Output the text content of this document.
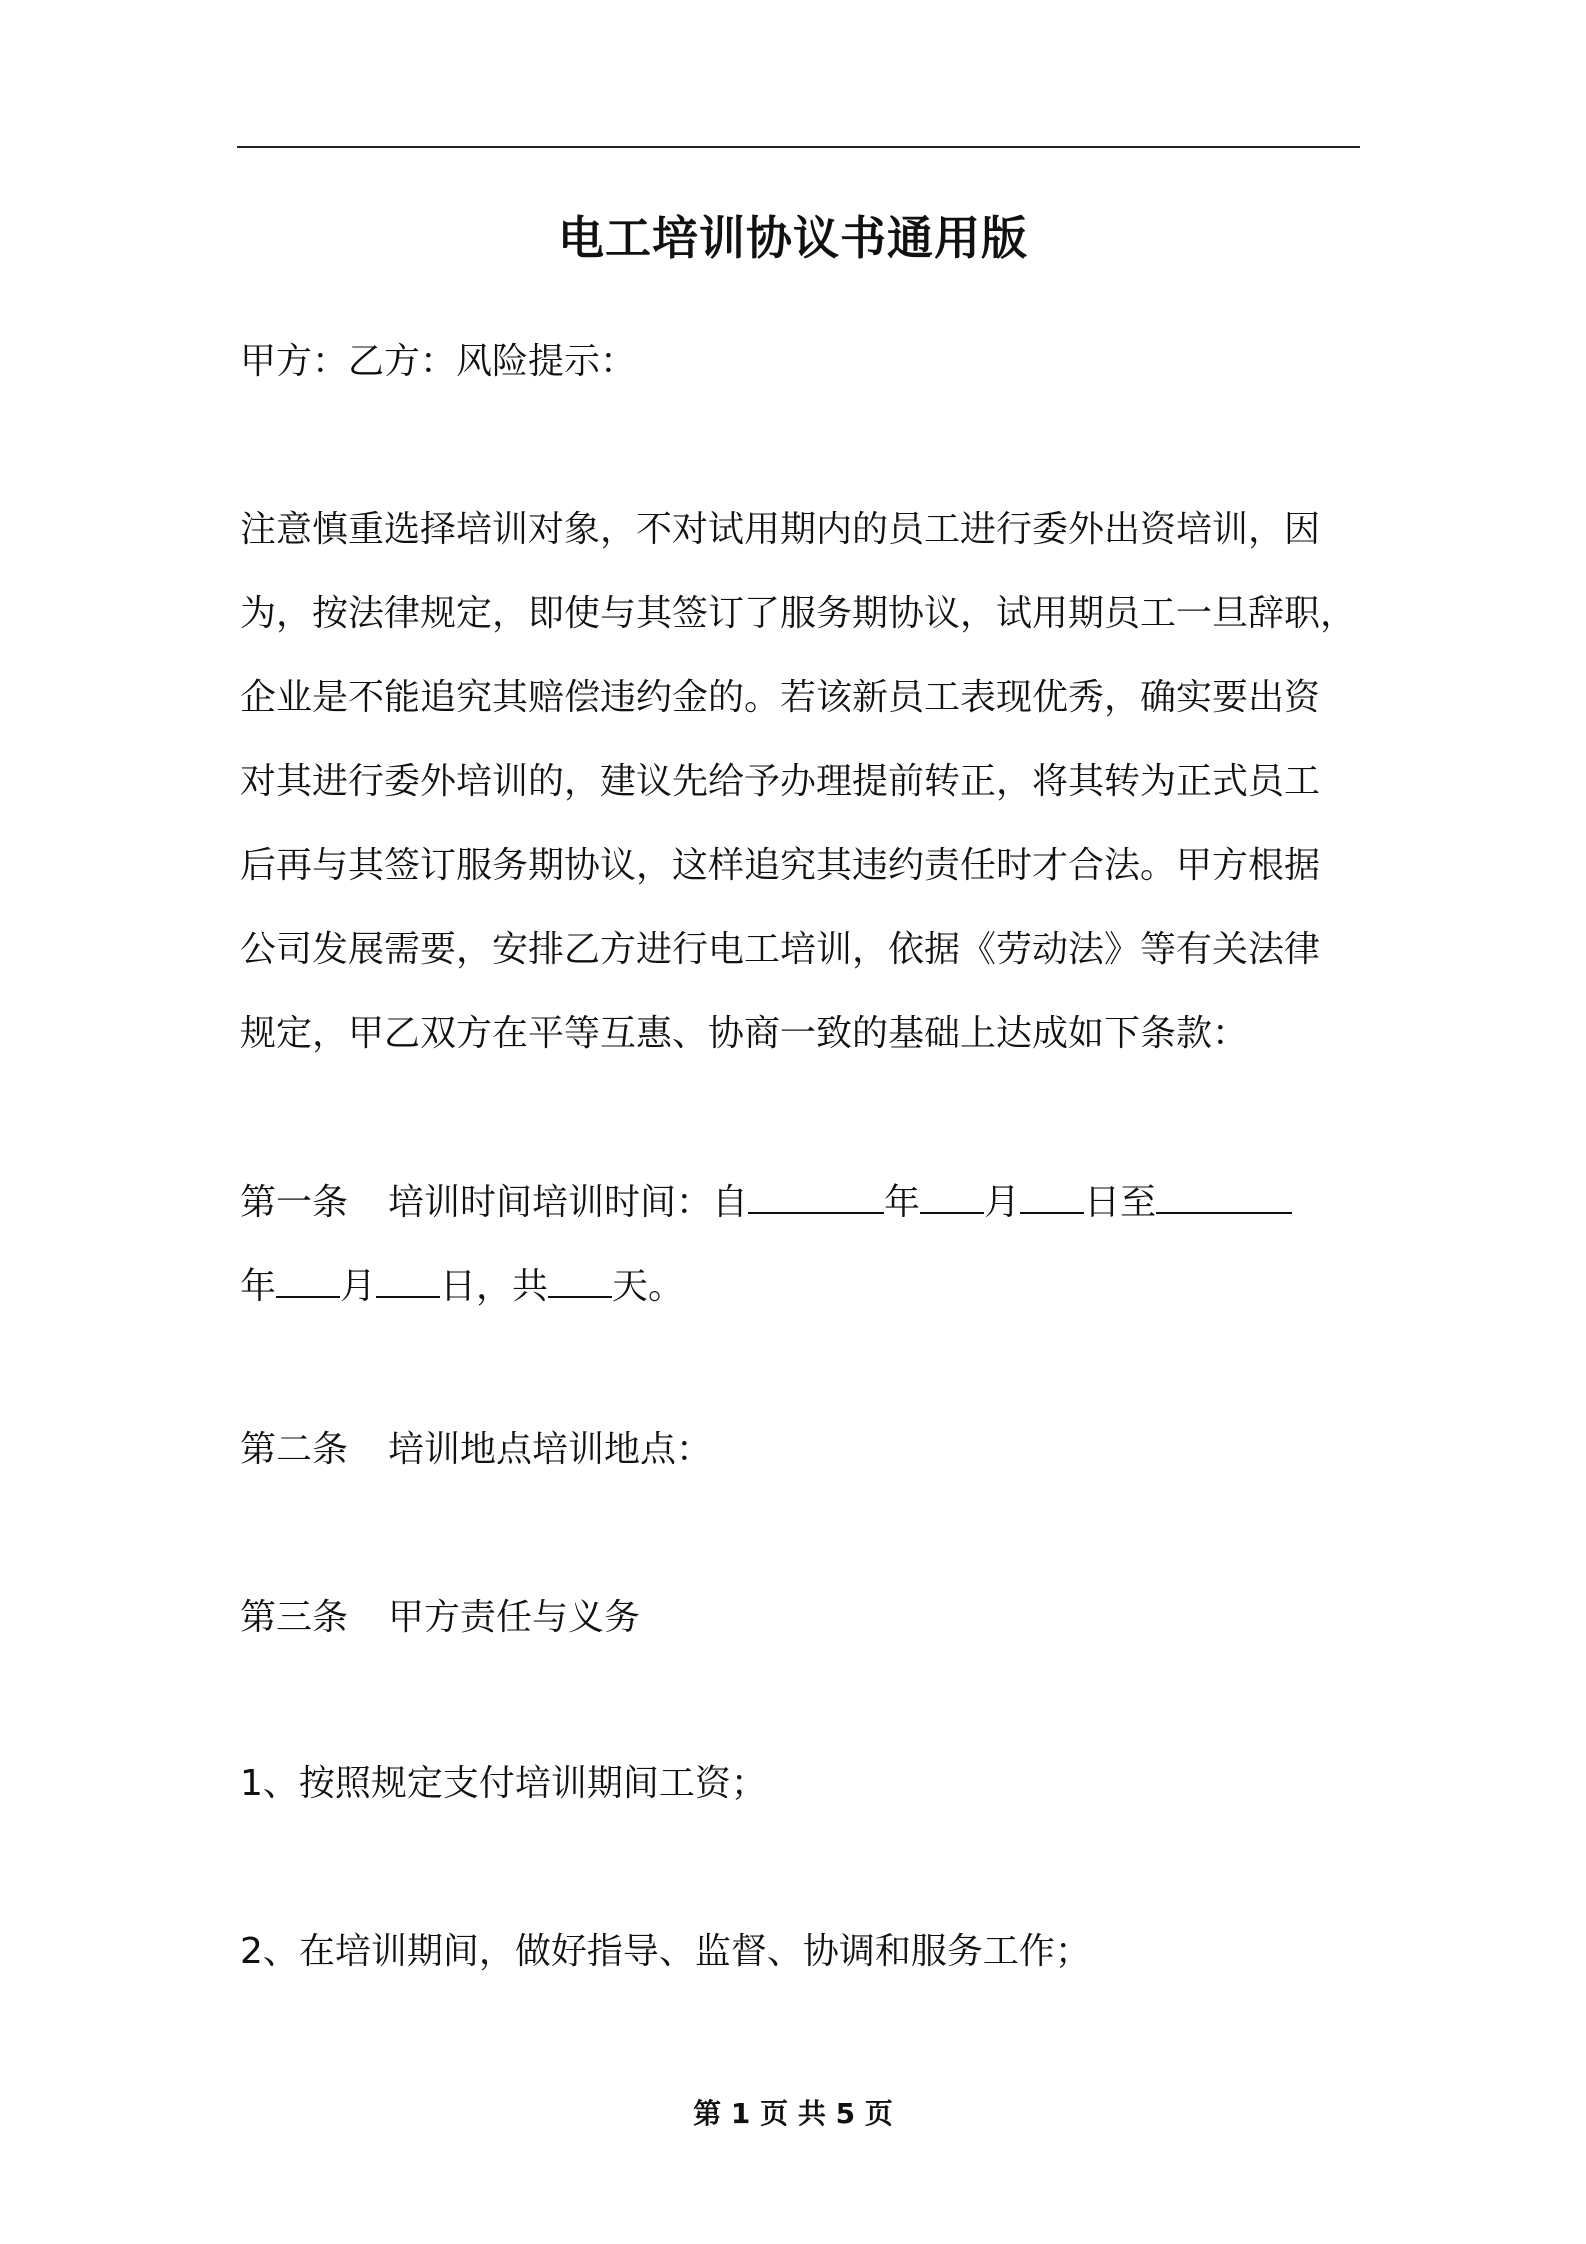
电工培训协议书通用版
甲方：乙方：风险提示：
注意慎重选择培训对象，不对试用期内的员工进行委外出资培训，因
为，按法律规定，即使与其签订了服务期协议，试用期员工一旦辞职，
企业是不能追究其赔偿违约金的。若该新员工表现优秀，确实要出资
对其进行委外培训的，建议先给予办理提前转正，将其转为正式员工
后再与其签订服务期协议，这样追究其违约责任时才合法。甲方根据
公司发展需要，安排乙方进行电工培训，依据《劳动法》等有关法律
规定，甲乙双方在平等互惠、协商一致的基础上达成如下条款：
第一条 培训时间培训时间：自	年 月 日至
年 月 日，共 天。
第二条 培训地点培训地点：
第三条 甲方责任与义务
1、按照规定支付培训期间工资；
2、在培训期间，做好指导、监督、协调和服务工作；
第 1 页 共 5 页
